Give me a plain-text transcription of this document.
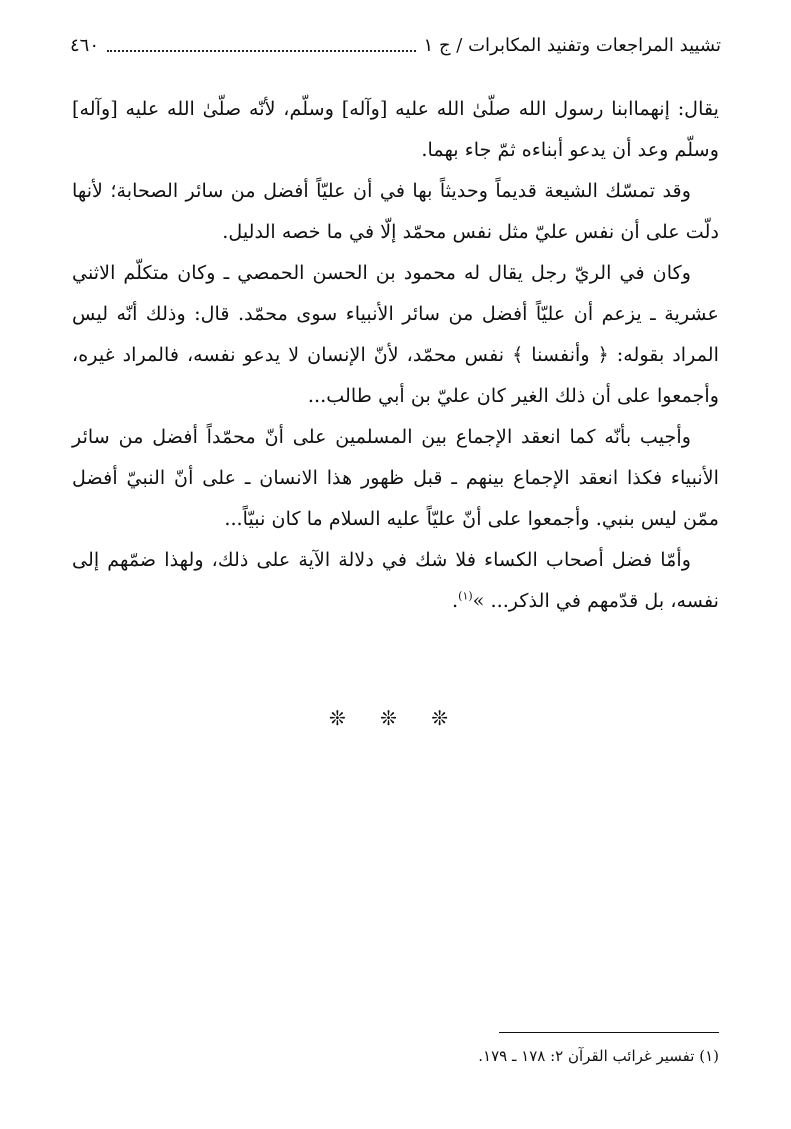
تشييد المراجعات وتفنيد المكابرات / ج ١
٤٦٠

يقال: إنهماابنا رسول الله صلّىٰ الله عليه [وآله] وسلّم، لأنّه صلّىٰ الله عليه [وآله] وسلّم وعد أن يدعو أبناءه ثمّ جاء بهما.

وقد تمسّك الشيعة قديماً وحديثاً بها في أن عليّاً أفضل من سائر الصحابة؛ لأنها دلّت على أن نفس عليّ مثل نفس محمّد إلّا في ما خصه الدليل.

وكان في الريّ رجل يقال له محمود بن الحسن الحمصي ـ وكان متكلّم الاثني عشرية ـ يزعم أن عليّاً أفضل من سائر الأنبياء سوى محمّد. قال: وذلك أنّه ليس المراد بقوله: ﴿ وأنفسنا ﴾ نفس محمّد، لأنّ الإنسان لا يدعو نفسه، فالمراد غيره، وأجمعوا على أن ذلك الغير كان عليّ بن أبي طالب...

وأجيب بأنّه كما انعقد الإجماع بين المسلمين على أنّ محمّداً أفضل من سائر الأنبياء فكذا انعقد الإجماع بينهم ـ قبل ظهور هذا الانسان ـ على أنّ النبيّ أفضل ممّن ليس بنبي. وأجمعوا على أنّ عليّاً عليه السلام ما كان نبيّاً...

وأمّا فضل أصحاب الكساء فلا شك في دلالة الآية على ذلك، ولهذا ضمّهم إلى نفسه، بل قدّمهم في الذكر... »$^{(١)}$.

❊ ❊ ❊
(١) تفسير غرائب القرآن ٢: ١٧٨ ـ ١٧٩.
